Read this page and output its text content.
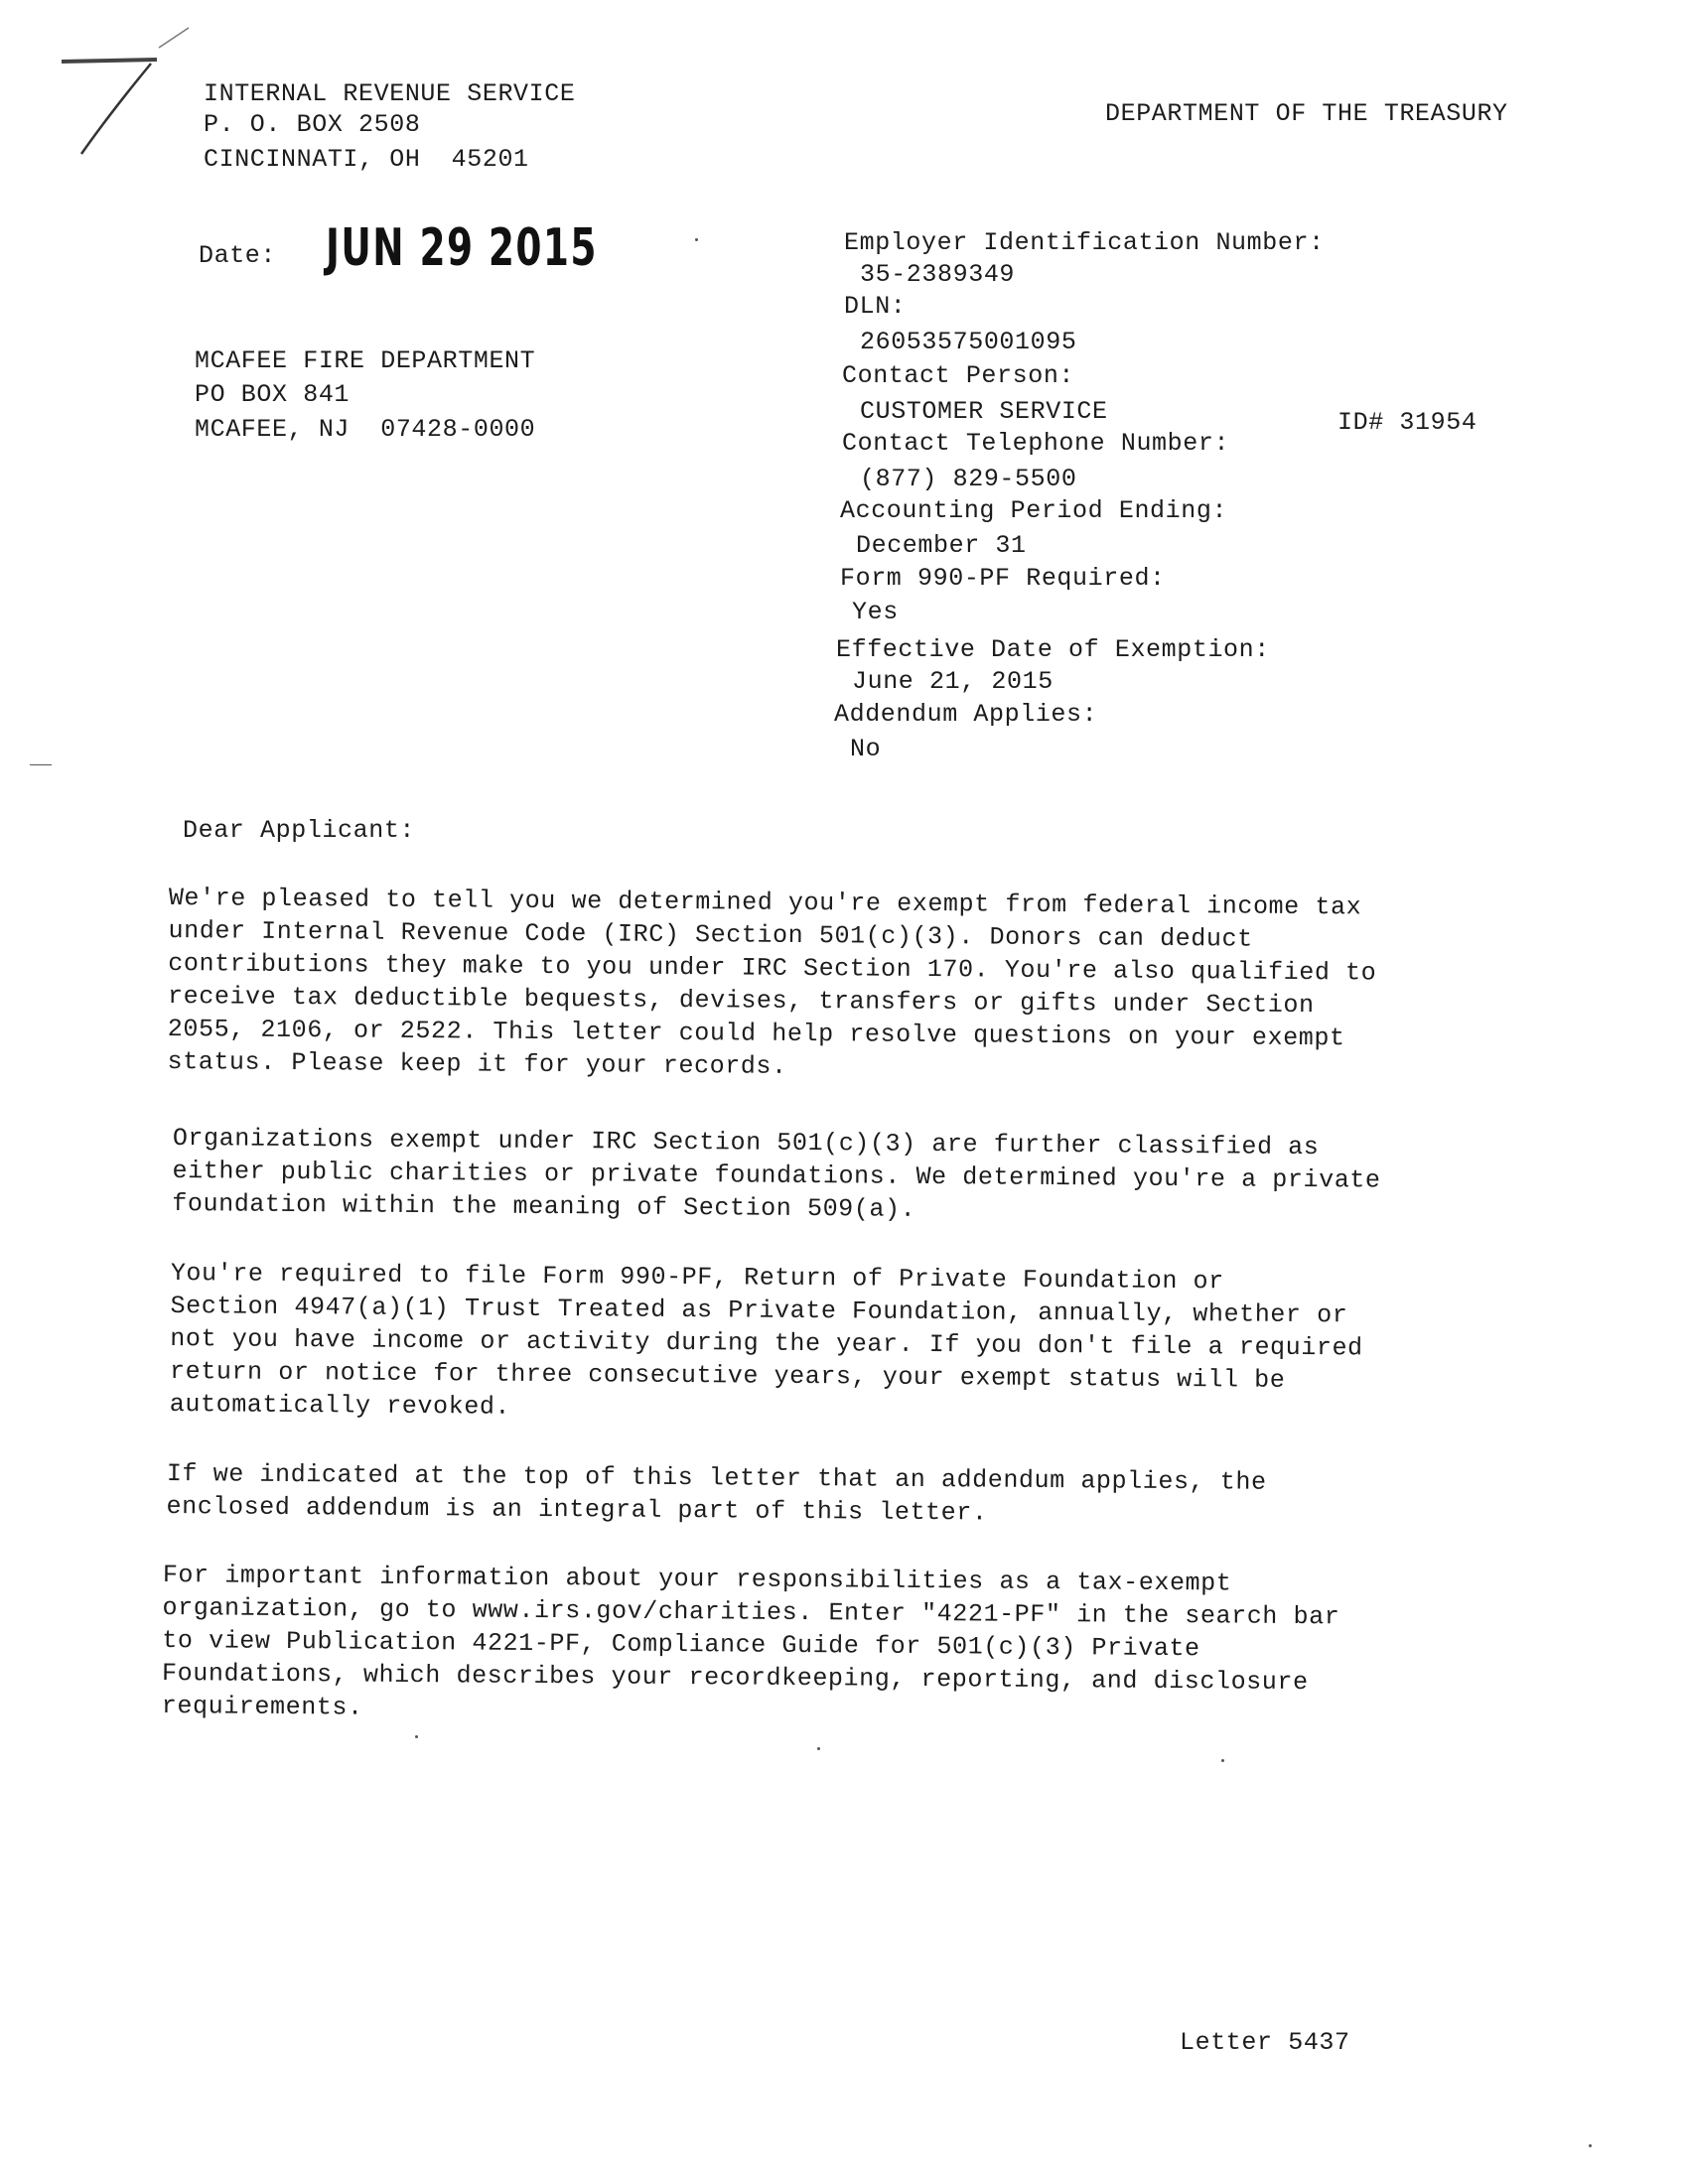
INTERNAL REVENUE SERVICE
P. O. BOX 2508
CINCINNATI, OH  45201
DEPARTMENT OF THE TREASURY
Date: JUN 29 2015
MCAFEE FIRE DEPARTMENT
PO BOX 841
MCAFEE, NJ  07428-0000
Employer Identification Number:
35-2389349
DLN:
26053575001095
Contact Person:
CUSTOMER SERVICE	ID# 31954
Contact Telephone Number:
(877) 829-5500
Accounting Period Ending:
December 31
Form 990-PF Required:
Yes
Effective Date of Exemption:
June 21, 2015
Addendum Applies:
No
Dear Applicant:
We're pleased to tell you we determined you're exempt from federal income tax
under Internal Revenue Code (IRC) Section 501(c)(3). Donors can deduct
contributions they make to you under IRC Section 170. You're also qualified to
receive tax deductible bequests, devises, transfers or gifts under Section
2055, 2106, or 2522. This letter could help resolve questions on your exempt
status. Please keep it for your records.
Organizations exempt under IRC Section 501(c)(3) are further classified as
either public charities or private foundations. We determined you're a private
foundation within the meaning of Section 509(a).
You're required to file Form 990-PF, Return of Private Foundation or
Section 4947(a)(1) Trust Treated as Private Foundation, annually, whether or
not you have income or activity during the year. If you don't file a required
return or notice for three consecutive years, your exempt status will be
automatically revoked.
If we indicated at the top of this letter that an addendum applies, the
enclosed addendum is an integral part of this letter.
For important information about your responsibilities as a tax-exempt
organization, go to www.irs.gov/charities. Enter "4221-PF" in the search bar
to view Publication 4221-PF, Compliance Guide for 501(c)(3) Private
Foundations, which describes your recordkeeping, reporting, and disclosure
requirements.
Letter 5437
